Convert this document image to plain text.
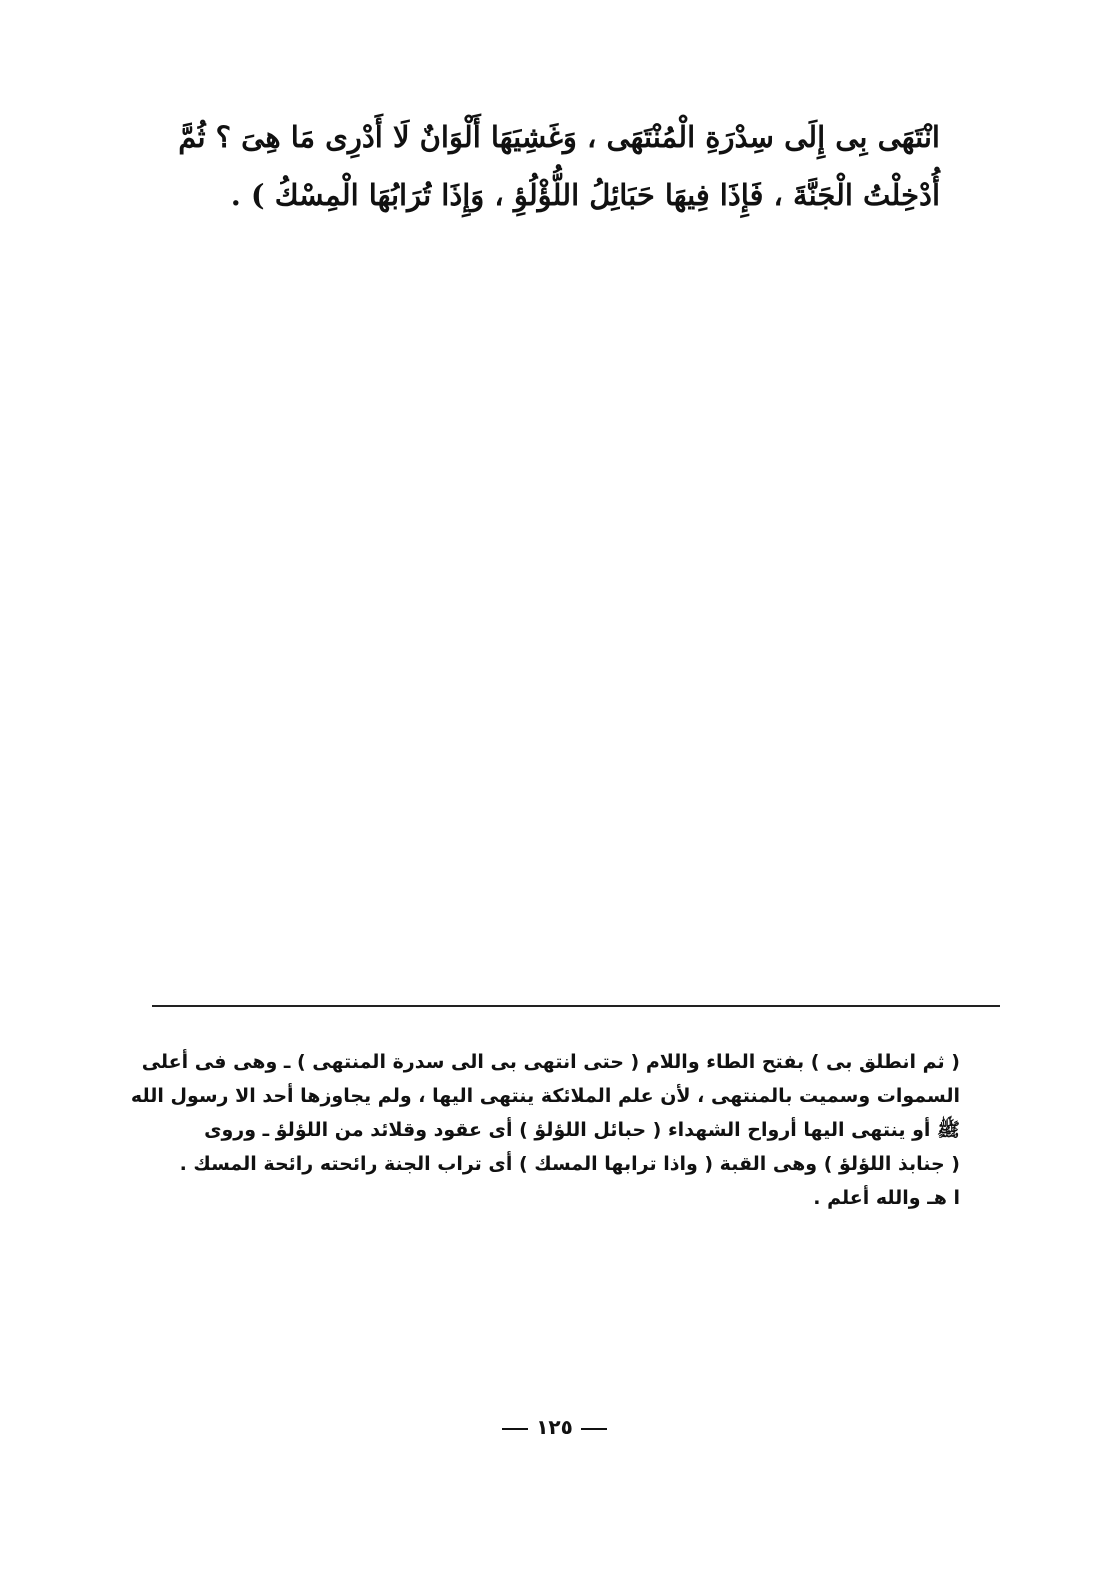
انْتَهَى بِى إِلَى سِدْرَةِ الْمُنْتَهَى ، وَغَشِيَهَا أَلْوَانٌ لَا أَدْرِى مَا هِىَ ؟ ثُمَّ

أُدْخِلْتُ الْجَنَّةَ ، فَإِذَا فِيهَا حَبَائِلُ اللُّؤْلُؤِ ، وَإِذَا تُرَابُهَا الْمِسْكُ ) .

( ثم انطلق بى ) بفتح الطاء واللام ( حتى انتهى بى الى سدرة المنتهى ) ـ وهى فى أعلى

السموات وسميت بالمنتهى ، لأن علم الملائكة ينتهى اليها ، ولم يجاوزها أحد الا رسول الله

ﷺ أو ينتهى اليها أرواح الشهداء ( حبائل اللؤلؤ ) أى عقود وقلائد من اللؤلؤ ـ وروى

( جنابذ اللؤلؤ ) وهى القبة ( واذا ترابها المسك ) أى تراب الجنة رائحته رائحة المسك .

ا هـ والله أعلم .

١٢٥
